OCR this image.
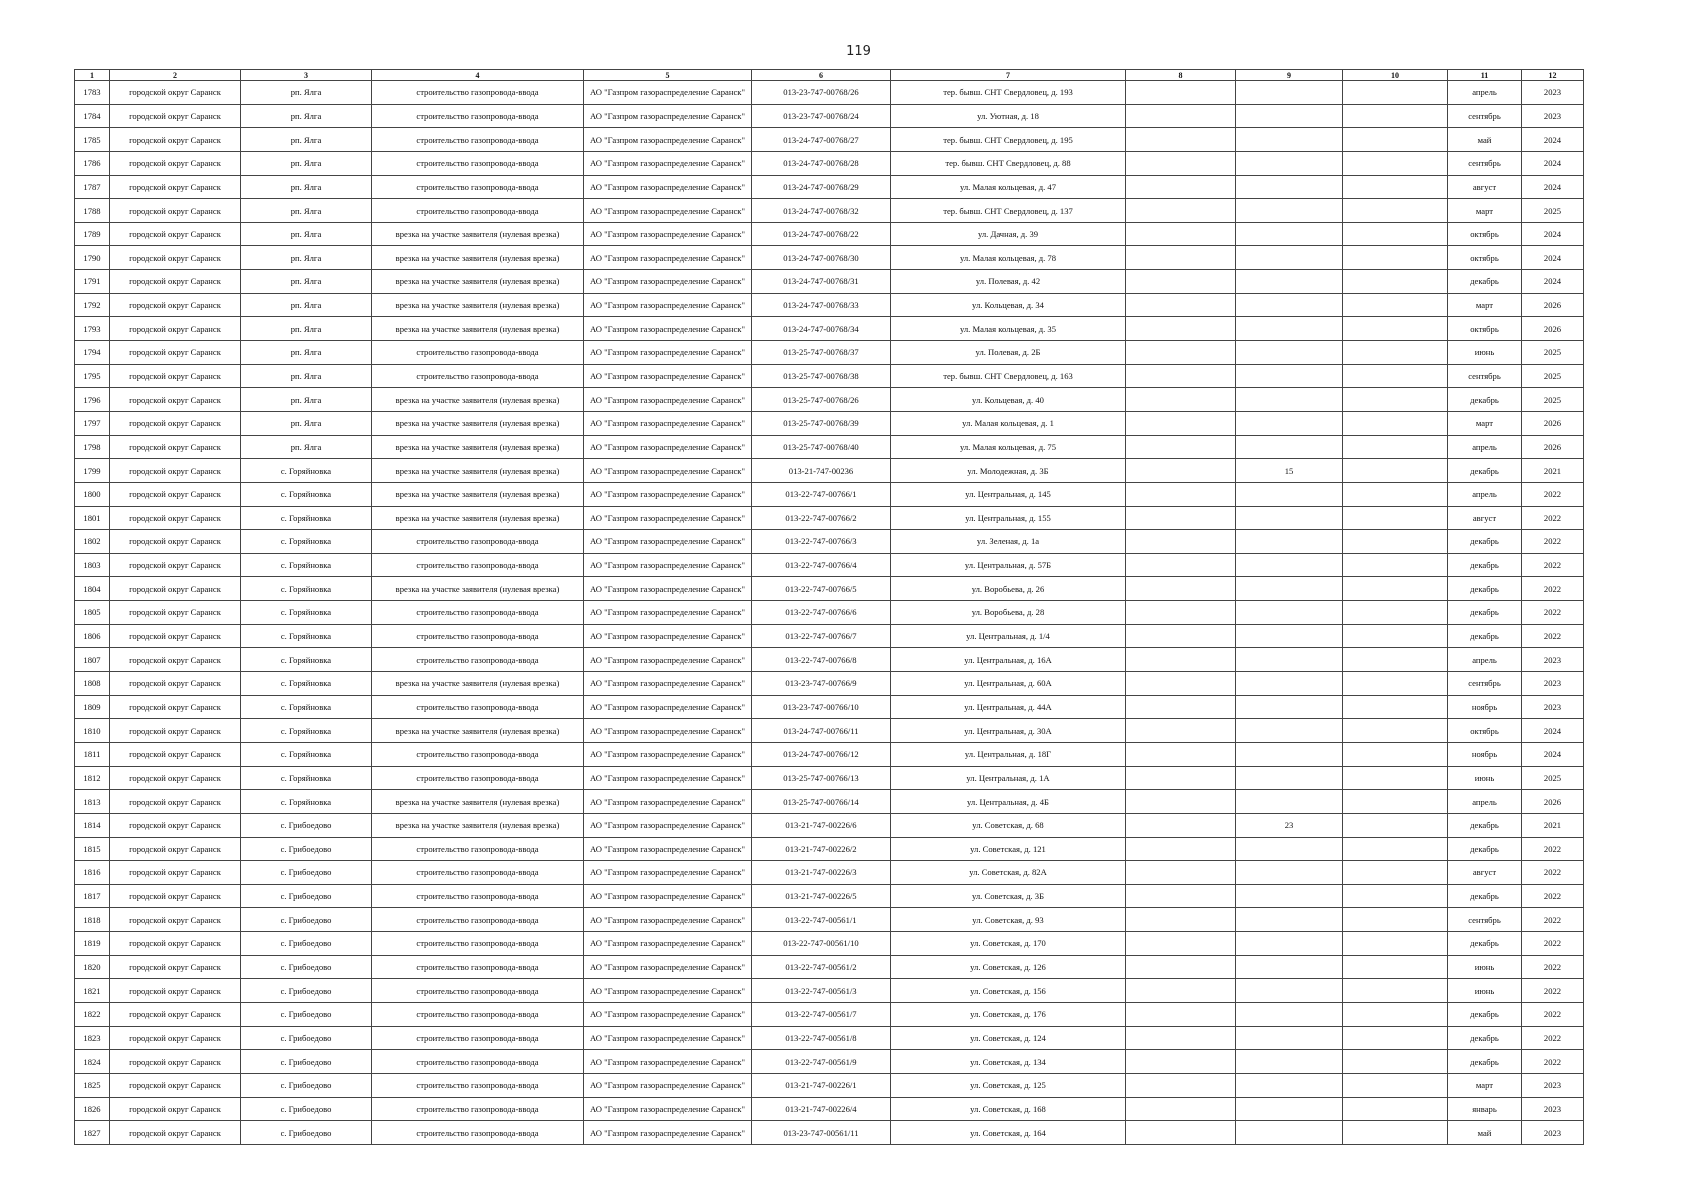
119
1	2	3	4	5	6	7	8	9	10	11	12
1783	городской округ Саранск	рп. Ялга	строительство газопровода-ввода	АО "Газпром газораспределение Саранск"	013-23-747-00768/26	тер. бывш. СНТ Свердловец, д. 193				апрель	2023
1784	городской округ Саранск	рп. Ялга	строительство газопровода-ввода	АО "Газпром газораспределение Саранск"	013-23-747-00768/24	ул. Уютная, д. 18				сентябрь	2023
1785	городской округ Саранск	рп. Ялга	строительство газопровода-ввода	АО "Газпром газораспределение Саранск"	013-24-747-00768/27	тер. бывш. СНТ Свердловец, д. 195				май	2024
1786	городской округ Саранск	рп. Ялга	строительство газопровода-ввода	АО "Газпром газораспределение Саранск"	013-24-747-00768/28	тер. бывш. СНТ Свердловец, д. 88				сентябрь	2024
1787	городской округ Саранск	рп. Ялга	строительство газопровода-ввода	АО "Газпром газораспределение Саранск"	013-24-747-00768/29	ул. Малая кольцевая, д. 47				август	2024
1788	городской округ Саранск	рп. Ялга	строительство газопровода-ввода	АО "Газпром газораспределение Саранск"	013-24-747-00768/32	тер. бывш. СНТ Свердловец, д. 137				март	2025
1789	городской округ Саранск	рп. Ялга	врезка на участке заявителя (нулевая врезка)	АО "Газпром газораспределение Саранск"	013-24-747-00768/22	ул. Дачная, д. 39				октябрь	2024
1790	городской округ Саранск	рп. Ялга	врезка на участке заявителя (нулевая врезка)	АО "Газпром газораспределение Саранск"	013-24-747-00768/30	ул. Малая кольцевая, д. 78				октябрь	2024
1791	городской округ Саранск	рп. Ялга	врезка на участке заявителя (нулевая врезка)	АО "Газпром газораспределение Саранск"	013-24-747-00768/31	ул. Полевая, д. 42				декабрь	2024
1792	городской округ Саранск	рп. Ялга	врезка на участке заявителя (нулевая врезка)	АО "Газпром газораспределение Саранск"	013-24-747-00768/33	ул. Кольцевая, д. 34				март	2026
1793	городской округ Саранск	рп. Ялга	врезка на участке заявителя (нулевая врезка)	АО "Газпром газораспределение Саранск"	013-24-747-00768/34	ул. Малая кольцевая, д. 35				октябрь	2026
1794	городской округ Саранск	рп. Ялга	строительство газопровода-ввода	АО "Газпром газораспределение Саранск"	013-25-747-00768/37	ул. Полевая, д. 2Б				июнь	2025
1795	городской округ Саранск	рп. Ялга	строительство газопровода-ввода	АО "Газпром газораспределение Саранск"	013-25-747-00768/38	тер. бывш. СНТ Свердловец, д. 163				сентябрь	2025
1796	городской округ Саранск	рп. Ялга	врезка на участке заявителя (нулевая врезка)	АО "Газпром газораспределение Саранск"	013-25-747-00768/26	ул. Кольцевая, д. 40				декабрь	2025
1797	городской округ Саранск	рп. Ялга	врезка на участке заявителя (нулевая врезка)	АО "Газпром газораспределение Саранск"	013-25-747-00768/39	ул. Малая кольцевая, д. 1				март	2026
1798	городской округ Саранск	рп. Ялга	врезка на участке заявителя (нулевая врезка)	АО "Газпром газораспределение Саранск"	013-25-747-00768/40	ул. Малая кольцевая, д. 75				апрель	2026
1799	городской округ Саранск	с. Горяйновка	врезка на участке заявителя (нулевая врезка)	АО "Газпром газораспределение Саранск"	013-21-747-00236	ул. Молодежная, д. 3Б		15		декабрь	2021
1800	городской округ Саранск	с. Горяйновка	врезка на участке заявителя (нулевая врезка)	АО "Газпром газораспределение Саранск"	013-22-747-00766/1	ул. Центральная, д. 145				апрель	2022
1801	городской округ Саранск	с. Горяйновка	врезка на участке заявителя (нулевая врезка)	АО "Газпром газораспределение Саранск"	013-22-747-00766/2	ул. Центральная, д. 155				август	2022
1802	городской округ Саранск	с. Горяйновка	строительство газопровода-ввода	АО "Газпром газораспределение Саранск"	013-22-747-00766/3	ул. Зеленая, д. 1а				декабрь	2022
1803	городской округ Саранск	с. Горяйновка	строительство газопровода-ввода	АО "Газпром газораспределение Саранск"	013-22-747-00766/4	ул. Центральная, д. 57Б				декабрь	2022
1804	городской округ Саранск	с. Горяйновка	врезка на участке заявителя (нулевая врезка)	АО "Газпром газораспределение Саранск"	013-22-747-00766/5	ул. Воробьева, д. 26				декабрь	2022
1805	городской округ Саранск	с. Горяйновка	строительство газопровода-ввода	АО "Газпром газораспределение Саранск"	013-22-747-00766/6	ул. Воробьева, д. 28				декабрь	2022
1806	городской округ Саранск	с. Горяйновка	строительство газопровода-ввода	АО "Газпром газораспределение Саранск"	013-22-747-00766/7	ул. Центральная, д. 1/4				декабрь	2022
1807	городской округ Саранск	с. Горяйновка	строительство газопровода-ввода	АО "Газпром газораспределение Саранск"	013-22-747-00766/8	ул. Центральная, д. 16А				апрель	2023
1808	городской округ Саранск	с. Горяйновка	врезка на участке заявителя (нулевая врезка)	АО "Газпром газораспределение Саранск"	013-23-747-00766/9	ул. Центральная, д. 60А				сентябрь	2023
1809	городской округ Саранск	с. Горяйновка	строительство газопровода-ввода	АО "Газпром газораспределение Саранск"	013-23-747-00766/10	ул. Центральная, д. 44А				ноябрь	2023
1810	городской округ Саранск	с. Горяйновка	врезка на участке заявителя (нулевая врезка)	АО "Газпром газораспределение Саранск"	013-24-747-00766/11	ул. Центральная, д. 30А				октябрь	2024
1811	городской округ Саранск	с. Горяйновка	строительство газопровода-ввода	АО "Газпром газораспределение Саранск"	013-24-747-00766/12	ул. Центральная, д. 18Г				ноябрь	2024
1812	городской округ Саранск	с. Горяйновка	строительство газопровода-ввода	АО "Газпром газораспределение Саранск"	013-25-747-00766/13	ул. Центральная, д. 1А				июнь	2025
1813	городской округ Саранск	с. Горяйновка	врезка на участке заявителя (нулевая врезка)	АО "Газпром газораспределение Саранск"	013-25-747-00766/14	ул. Центральная, д. 4Б				апрель	2026
1814	городской округ Саранск	с. Грибоедово	врезка на участке заявителя (нулевая врезка)	АО "Газпром газораспределение Саранск"	013-21-747-00226/6	ул. Советская, д. 68		23		декабрь	2021
1815	городской округ Саранск	с. Грибоедово	строительство газопровода-ввода	АО "Газпром газораспределение Саранск"	013-21-747-00226/2	ул. Советская, д. 121				декабрь	2022
1816	городской округ Саранск	с. Грибоедово	строительство газопровода-ввода	АО "Газпром газораспределение Саранск"	013-21-747-00226/3	ул. Советская, д. 82А				август	2022
1817	городской округ Саранск	с. Грибоедово	строительство газопровода-ввода	АО "Газпром газораспределение Саранск"	013-21-747-00226/5	ул. Советская, д. 3Б				декабрь	2022
1818	городской округ Саранск	с. Грибоедово	строительство газопровода-ввода	АО "Газпром газораспределение Саранск"	013-22-747-00561/1	ул. Советская, д. 93				сентябрь	2022
1819	городской округ Саранск	с. Грибоедово	строительство газопровода-ввода	АО "Газпром газораспределение Саранск"	013-22-747-00561/10	ул. Советская, д. 170				декабрь	2022
1820	городской округ Саранск	с. Грибоедово	строительство газопровода-ввода	АО "Газпром газораспределение Саранск"	013-22-747-00561/2	ул. Советская, д. 126				июнь	2022
1821	городской округ Саранск	с. Грибоедово	строительство газопровода-ввода	АО "Газпром газораспределение Саранск"	013-22-747-00561/3	ул. Советская, д. 156				июнь	2022
1822	городской округ Саранск	с. Грибоедово	строительство газопровода-ввода	АО "Газпром газораспределение Саранск"	013-22-747-00561/7	ул. Советская, д. 176				декабрь	2022
1823	городской округ Саранск	с. Грибоедово	строительство газопровода-ввода	АО "Газпром газораспределение Саранск"	013-22-747-00561/8	ул. Советская, д. 124				декабрь	2022
1824	городской округ Саранск	с. Грибоедово	строительство газопровода-ввода	АО "Газпром газораспределение Саранск"	013-22-747-00561/9	ул. Советская, д. 134				декабрь	2022
1825	городской округ Саранск	с. Грибоедово	строительство газопровода-ввода	АО "Газпром газораспределение Саранск"	013-21-747-00226/1	ул. Советская, д. 125				март	2023
1826	городской округ Саранск	с. Грибоедово	строительство газопровода-ввода	АО "Газпром газораспределение Саранск"	013-21-747-00226/4	ул. Советская, д. 168				январь	2023
1827	городской округ Саранск	с. Грибоедово	строительство газопровода-ввода	АО "Газпром газораспределение Саранск"	013-23-747-00561/11	ул. Советская, д. 164				май	2023
